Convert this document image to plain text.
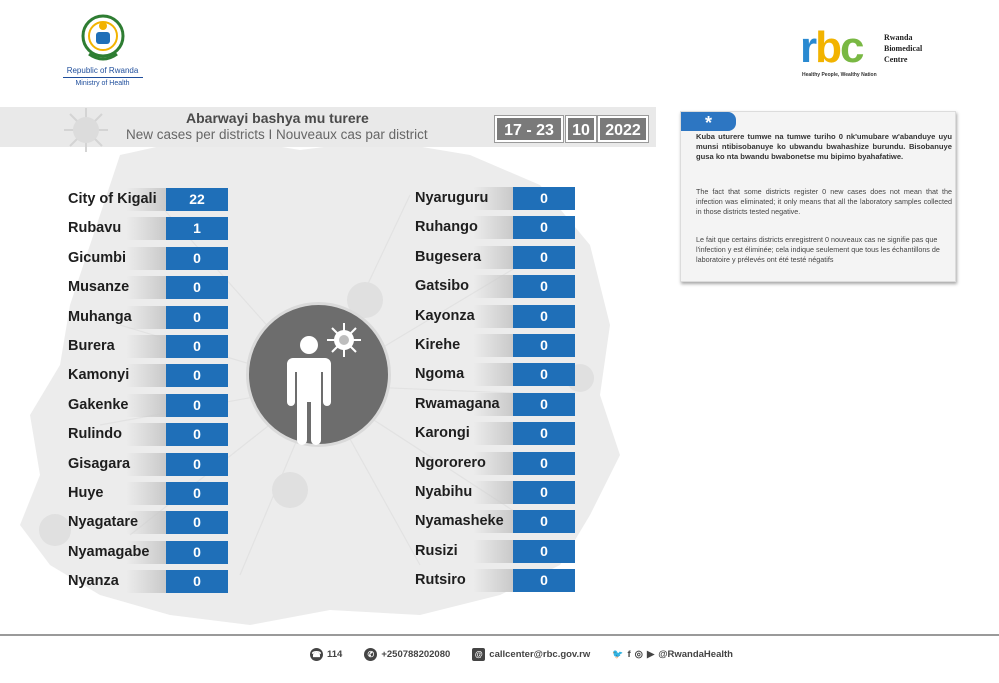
Republic of Rwanda
Ministry of Health
rbc	Rwanda
Biomedical
Centre
Healthy People, Wealthy Nation
Abarwayi bashya mu turere
New cases per districts I Nouveaux cas par district	17 - 23	10 2022
City of Kigali	22
Rubavu	1
Gicumbi	0
Musanze	0
Muhanga	0
Burera	0
Kamonyi	0
Gakenke	0
Rulindo	0
Gisagara	0
Huye	0
Nyagatare	0
Nyamagabe	0
Nyanza	0
Nyaruguru	0
Ruhango	0
Bugesera	0
Gatsibo	0
Kayonza	0
Kirehe	0
Ngoma	0
Rwamagana	0
Karongi	0
Ngororero	0
Nyabihu	0
Nyamasheke	0
Rusizi	0
Rutsiro	0
*
Kuba uturere tumwe na tumwe turiho 0 nk'umubare w'abanduye uyu munsi ntibisobanuye ko ubwandu bwahashize burundu. Bisobanuye gusa ko nta bwandu bwabonetse mu bipimo byahafatiwe.
The fact that some districts register 0 new cases does not mean that the infection was eliminated; it only means that all the laboratory samples collected in those districts tested negative.
Le fait que certains districts enregistrent 0 nouveaux cas ne signifie pas que l'infection y est éliminée; cela indique seulement que tous les échantillons de laboratoire y prélevés ont été testé négatifs
☎ 114	✆ +250788202080	@ callcenter@rbc.gov.rw 🐦 f ◎ ▶ @RwandaHealth
